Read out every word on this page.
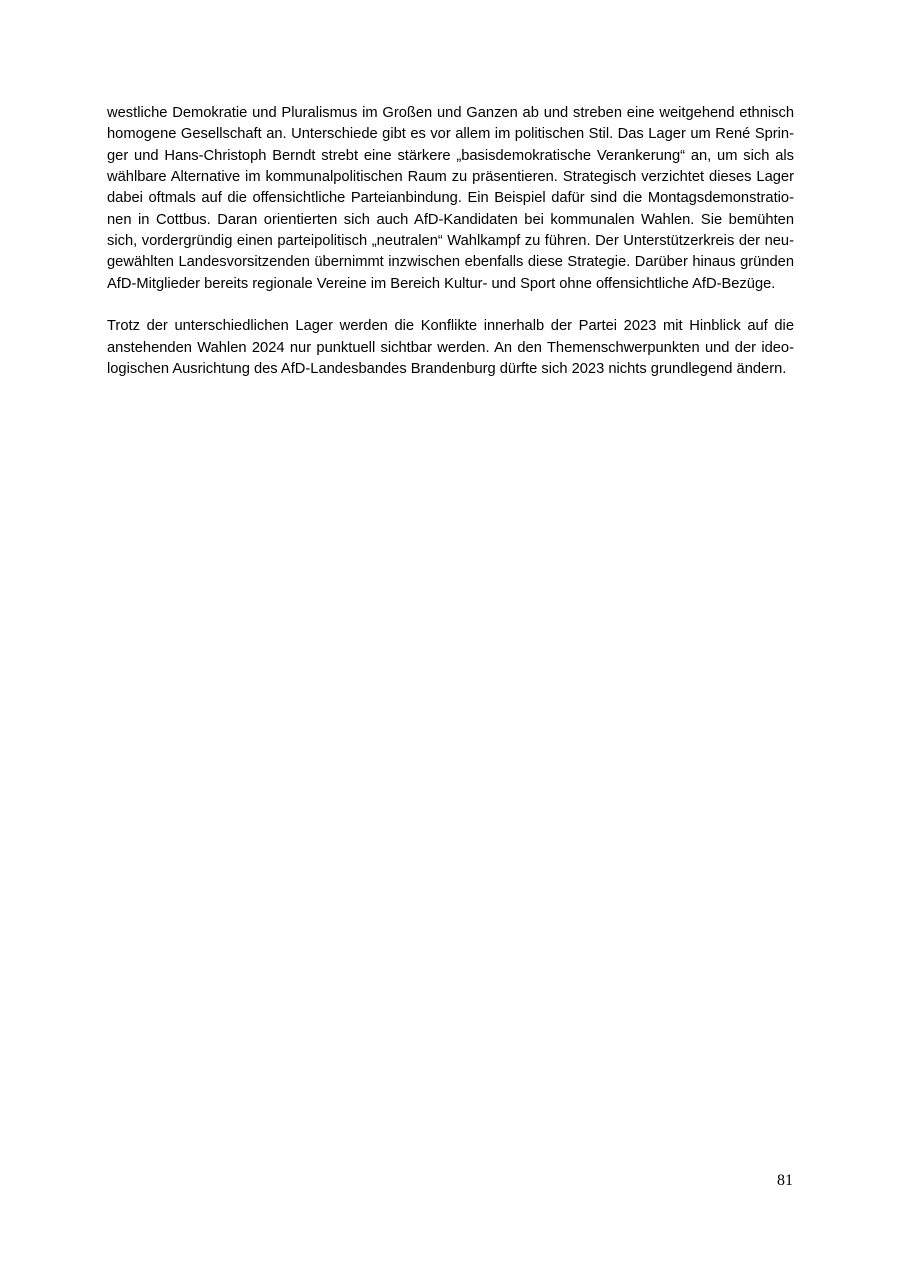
westliche Demokratie und Pluralismus im Großen und Ganzen ab und streben eine weitgehend ethnisch
homogene Gesellschaft an. Unterschiede gibt es vor allem im politischen Stil. Das Lager um René Sprin-
ger und Hans-Christoph Berndt strebt eine stärkere „basisdemokratische Verankerung“ an, um sich als
wählbare Alternative im kommunalpolitischen Raum zu präsentieren. Strategisch verzichtet dieses Lager
dabei oftmals auf die offensichtliche Parteianbindung. Ein Beispiel dafür sind die Montagsdemonstratio-
nen in Cottbus. Daran orientierten sich auch AfD-Kandidaten bei kommunalen Wahlen. Sie bemühten
sich, vordergründig einen parteipolitisch „neutralen“ Wahlkampf zu führen. Der Unterstützerkreis der neu-
gewählten Landesvorsitzenden übernimmt inzwischen ebenfalls diese Strategie. Darüber hinaus gründen
AfD-Mitglieder bereits regionale Vereine im Bereich Kultur- und Sport ohne offensichtliche AfD-Bezüge.
Trotz der unterschiedlichen Lager werden die Konflikte innerhalb der Partei 2023 mit Hinblick auf die
anstehenden Wahlen 2024 nur punktuell sichtbar werden. An den Themenschwerpunkten und der ideo-
logischen Ausrichtung des AfD-Landesbandes Brandenburg dürfte sich 2023 nichts grundlegend ändern.
81
